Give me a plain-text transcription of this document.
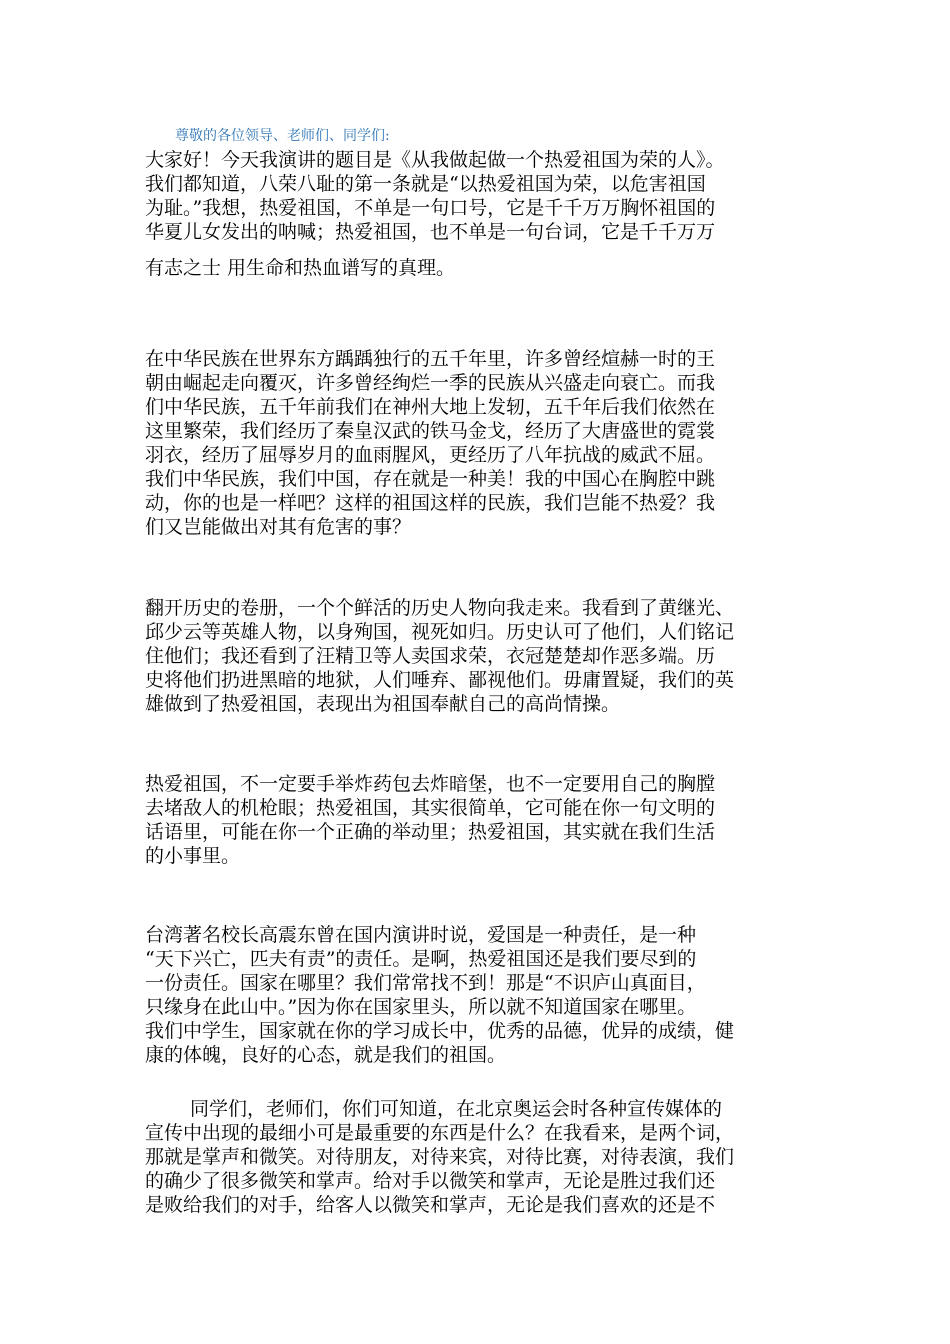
尊敬的各位领导、老师们、同学们:
大家好！今天我演讲的题目是《从我做起做一个热爱祖国为荣的人》。
我们都知道，八荣八耻的第一条就是“以热爱祖国为荣，以危害祖国
为耻。”我想，热爱祖国，不单是一句口号，它是千千万万胸怀祖国的
华夏儿女发出的呐喊；热爱祖国，也不单是一句台词，它是千千万万
有志之士 用生命和热血谱写的真理。
在中华民族在世界东方踽踽独行的五千年里，许多曾经煊赫一时的王
朝由崛起走向覆灭，许多曾经绚烂一季的民族从兴盛走向衰亡。而我
们中华民族，五千年前我们在神州大地上发轫，五千年后我们依然在
这里繁荣，我们经历了秦皇汉武的铁马金戈，经历了大唐盛世的霓裳
羽衣，经历了屈辱岁月的血雨腥风，更经历了八年抗战的威武不屈。
我们中华民族，我们中国，存在就是一种美！我的中国心在胸腔中跳
动，你的也是一样吧？这样的祖国这样的民族，我们岂能不热爱？我
们又岂能做出对其有危害的事？
翻开历史的卷册，一个个鲜活的历史人物向我走来。我看到了黄继光、
邱少云等英雄人物，以身殉国，视死如归。历史认可了他们，人们铭记
住他们；我还看到了汪精卫等人卖国求荣，衣冠楚楚却作恶多端。历
史将他们扔进黑暗的地狱，人们唾弃、鄙视他们。毋庸置疑，我们的英
雄做到了热爱祖国，表现出为祖国奉献自己的高尚情操。
热爱祖国，不一定要手举炸药包去炸暗堡，也不一定要用自己的胸膛
去堵敌人的机枪眼；热爱祖国，其实很简单，它可能在你一句文明的
话语里，可能在你一个正确的举动里；热爱祖国，其实就在我们生活
的小事里。
台湾著名校长高震东曾在国内演讲时说，爱国是一种责任，是一种
“天下兴亡，匹夫有责”的责任。是啊，热爱祖国还是我们要尽到的
一份责任。国家在哪里？我们常常找不到！那是“不识庐山真面目，
只缘身在此山中。”因为你在国家里头，所以就不知道国家在哪里。
我们中学生，国家就在你的学习成长中，优秀的品德，优异的成绩，健
康的体魄，良好的心态，就是我们的祖国。
同学们，老师们，你们可知道，在北京奥运会时各种宣传媒体的
宣传中出现的最细小可是最重要的东西是什么？在我看来，是两个词，
那就是掌声和微笑。对待朋友，对待来宾，对待比赛，对待表演，我们
的确少了很多微笑和掌声。给对手以微笑和掌声，无论是胜过我们还
是败给我们的对手，给客人以微笑和掌声，无论是我们喜欢的还是不
